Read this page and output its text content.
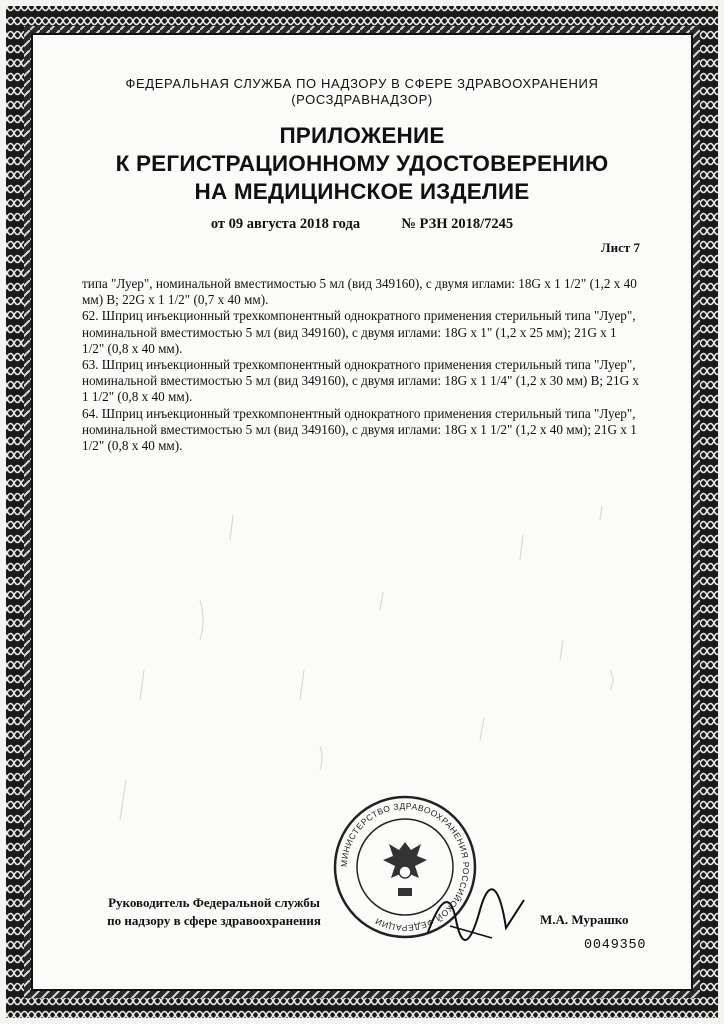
ФЕДЕРАЛЬНАЯ СЛУЖБА ПО НАДЗОРУ В СФЕРЕ ЗДРАВООХРАНЕНИЯ
(РОСЗДРАВНАДЗОР)
ПРИЛОЖЕНИЕ
К РЕГИСТРАЦИОННОМУ УДОСТОВЕРЕНИЮ
НА МЕДИЦИНСКОЕ ИЗДЕЛИЕ
от 09 августа 2018 года	№ РЗН 2018/7245
Лист 7

типа "Луер", номинальной вместимостью 5 мл (вид 349160), с двумя иглами: 18G x 1 1/2" (1,2 x 40 мм) В; 22G x 1 1/2" (0,7 x 40 мм).

62. Шприц инъекционный трехкомпонентный однократного применения стерильный типа "Луер", номинальной вместимостью 5 мл (вид 349160), с двумя иглами: 18G x 1" (1,2 x 25 мм); 21G x 1 1/2" (0,8 x 40 мм).

63. Шприц инъекционный трехкомпонентный однократного применения стерильный типа "Луер", номинальной вместимостью 5 мл (вид 349160), с двумя иглами: 18G x 1 1/4" (1,2 x 30 мм) В; 21G x 1 1/2" (0,8 x 40 мм).

64. Шприц инъекционный трехкомпонентный однократного применения стерильный типа "Луер", номинальной вместимостью 5 мл (вид 349160), с двумя иглами: 18G x 1 1/2" (1,2 x 40 мм); 21G x 1 1/2" (0,8 x 40 мм).

МИНИСТЕРСТВО ЗДРАВООХРАНЕНИЯ РОССИЙСКОЙ ФЕДЕРАЦИИ
Руководитель Федеральной службы
по надзору в сфере здравоохранения	М.А. Мурашко
0049350
